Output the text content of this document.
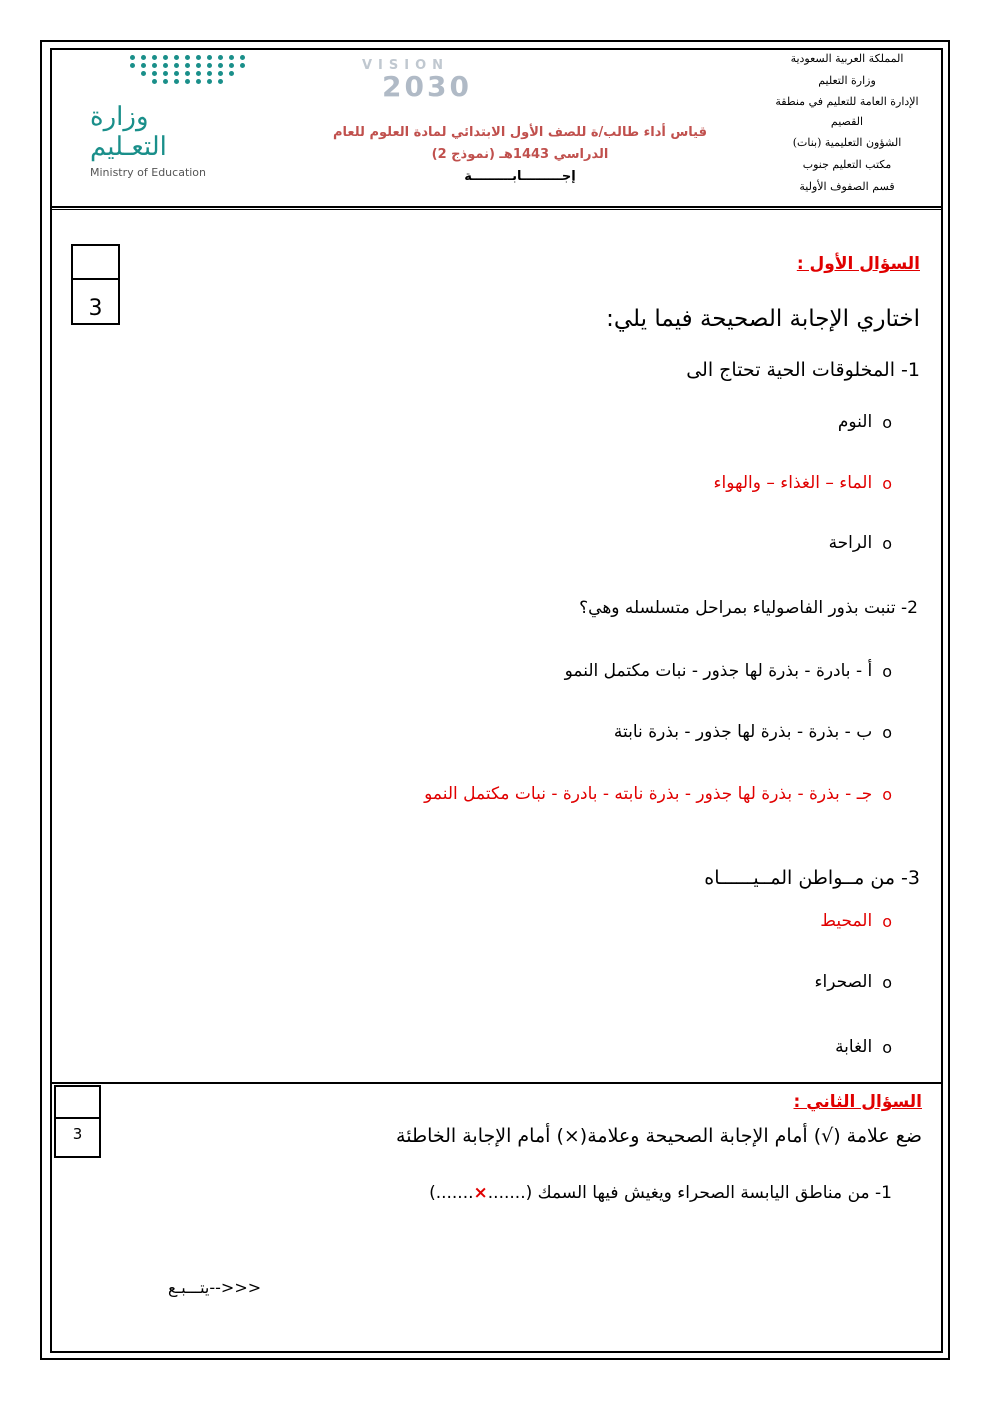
المملكة العربية السعودية
وزارة التعليم
الإدارة العامة للتعليم في منطقة القصيم
الشؤون التعليمية (بنات)
مكتب التعليم جنوب
قسم الصفوف الأولية
VISION
2030
قياس أداء طالب/ة للصف الأول الابتدائي لمادة العلوم للعام
الدراسي 1443هـ (نموذج 2)
إجـــــــــابـــــــــة
وزارة التعـليم
Ministry of Education
3
السؤال الأول :
اختاري الإجابة الصحيحة فيما يلي:
1- المخلوقات الحية تحتاج الى
o
النوم
o
الماء – الغذاء – والهواء
o
الراحة
2- تنبت بذور الفاصولياء بمراحل متسلسله وهي؟
o
أ - بادرة - بذرة لها جذور - نبات مكتمل النمو
o
ب - بذرة - بذرة لها جذور - بذرة نابتة
o
جـ - بذرة - بذرة لها جذور - بذرة نابته - بادرة - نبات مكتمل النمو
3- من مــواطن المــيــــــاه
o
المحيط
o
الصحراء
o
الغابة
3
السؤال الثاني :
ضع علامة (√) أمام الإجابة الصحيحة وعلامة(×) أمام الإجابة الخاطئة
1- من مناطق اليابسة الصحراء ويغيش فيها السمك (.......×.......)
يتـــبـع-->>>
